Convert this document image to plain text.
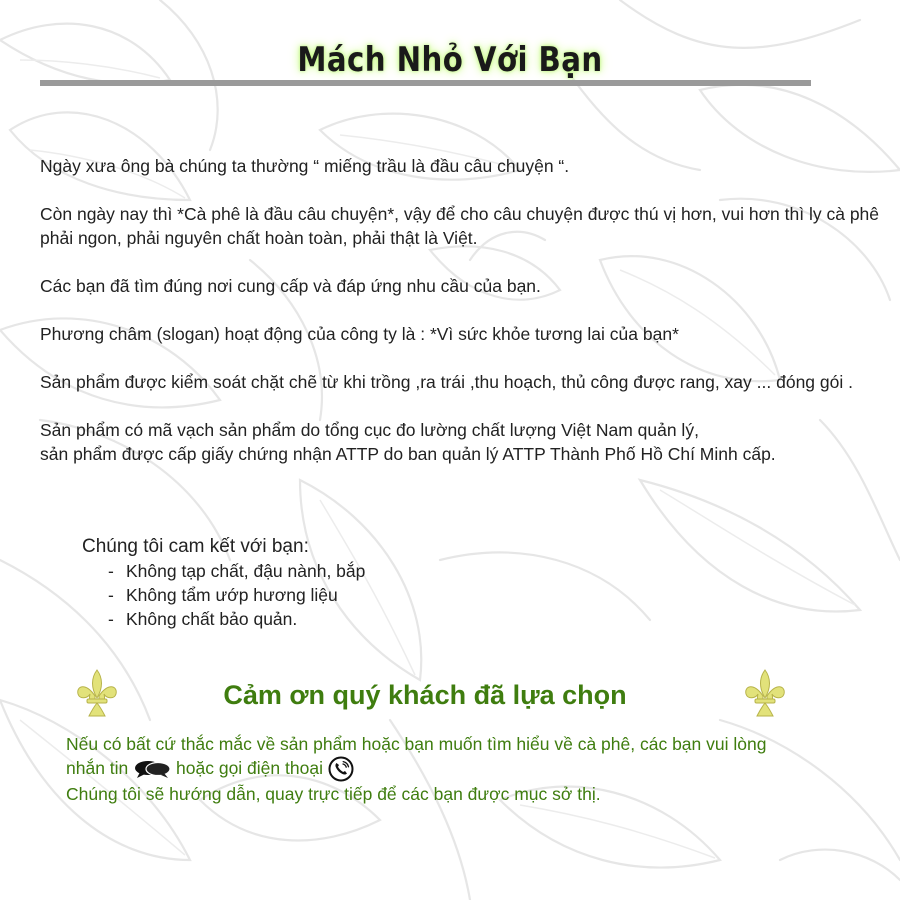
Mách Nhỏ Với Bạn

Ngày xưa ông bà chúng ta thường “ miếng trầu là đầu câu chuyện “.

Còn ngày nay thì *Cà phê là đầu câu chuyện*, vậy để cho câu chuyện được thú vị hơn, vui hơn thì ly cà phê phải ngon, phải nguyên chất hoàn toàn, phải thật là Việt.

Các bạn đã tìm đúng nơi cung cấp và đáp ứng nhu cầu của bạn.

Phương châm (slogan) hoạt động của công ty là : *Vì sức khỏe tương lai của bạn*

Sản phẩm được kiểm soát chặt chẽ từ khi trồng ,ra trái ,thu hoạch, thủ công được rang, xay ... đóng gói .

Sản phẩm có mã vạch sản phẩm do tổng cục đo lường chất lượng Việt Nam quản lý,

sản phẩm được cấp giấy chứng nhận ATTP do ban quản lý ATTP Thành Phố Hồ Chí Minh cấp.

Chúng tôi cam kết với bạn:
- Không tạp chất, đậu nành, bắp
- Không tẩm ướp hương liệu
- Không chất bảo quản.
Cảm ơn quý khách đã lựa chọn

Nếu có bất cứ thắc mắc về sản phẩm hoặc bạn muốn tìm hiểu về cà phê, các bạn vui lòng

nhắn tin	hoặc gọi điện thoại

Chúng tôi sẽ hướng dẫn, quay trực tiếp để các bạn được mục sở thị.
